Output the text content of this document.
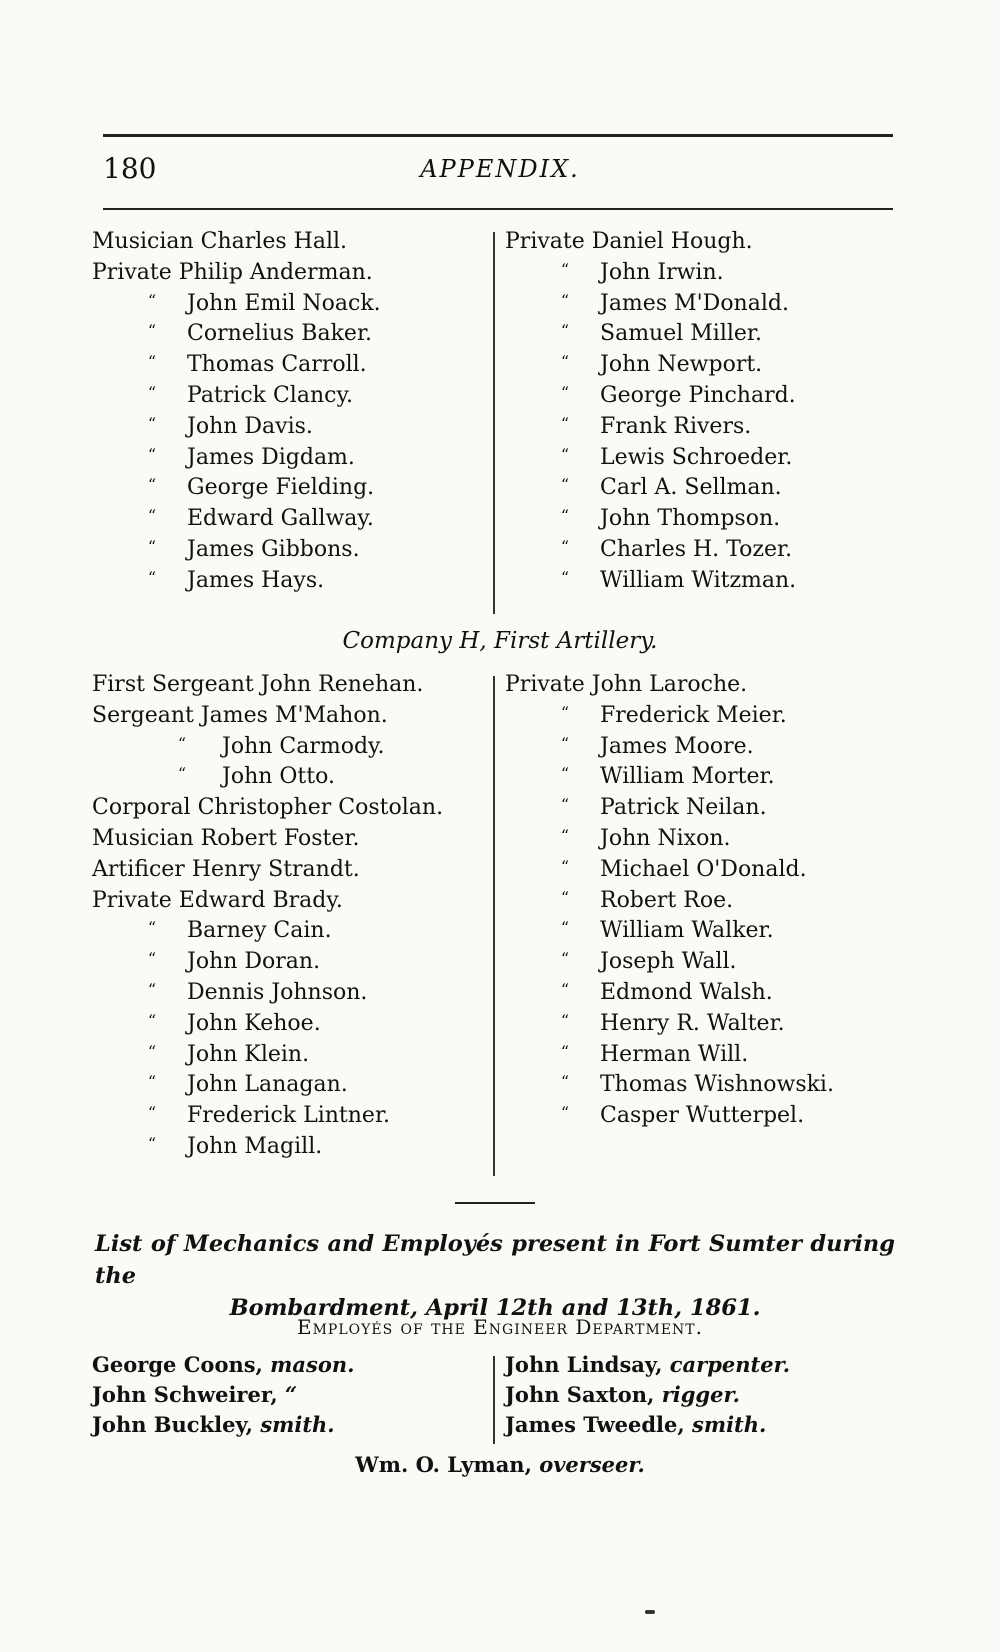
180	APPENDIX.
Musician Charles Hall.
Private Philip Anderman.
“ John Emil Noack.
“ Cornelius Baker.
“ Thomas Carroll.
“ Patrick Clancy.
“ John Davis.
“ James Digdam.
“ George Fielding.
“ Edward Gallway.
“ James Gibbons.
“ James Hays.
Private Daniel Hough.
“ John Irwin.
“ James M'Donald.
“ Samuel Miller.
“ John Newport.
“ George Pinchard.
“ Frank Rivers.
“ Lewis Schroeder.
“ Carl A. Sellman.
“ John Thompson.
“ Charles H. Tozer.
“ William Witzman.
Company H, First Artillery.
First Sergeant John Renehan.
Sergeant James M'Mahon.
“ John Carmody.
“ John Otto.
Corporal Christopher Costolan.
Musician Robert Foster.
Artificer Henry Strandt.
Private Edward Brady.
“ Barney Cain.
“ John Doran.
“ Dennis Johnson.
“ John Kehoe.
“ John Klein.
“ John Lanagan.
“ Frederick Lintner.
“ John Magill.
Private John Laroche.
“ Frederick Meier.
“ James Moore.
“ William Morter.
“ Patrick Neilan.
“ John Nixon.
“ Michael O'Donald.
“ Robert Roe.
“ William Walker.
“ Joseph Wall.
“ Edmond Walsh.
“ Henry R. Walter.
“ Herman Will.
“ Thomas Wishnowski.
“ Casper Wutterpel.
List of Mechanics and Employés present in Fort Sumter during the
Bombardment, April 12th and 13th, 1861.
Employés of the Engineer Department.
George Coons, mason.
John Schweirer, “
John Buckley, smith.
John Lindsay, carpenter.
John Saxton, rigger.
James Tweedle, smith.
Wm. O. Lyman, overseer.
